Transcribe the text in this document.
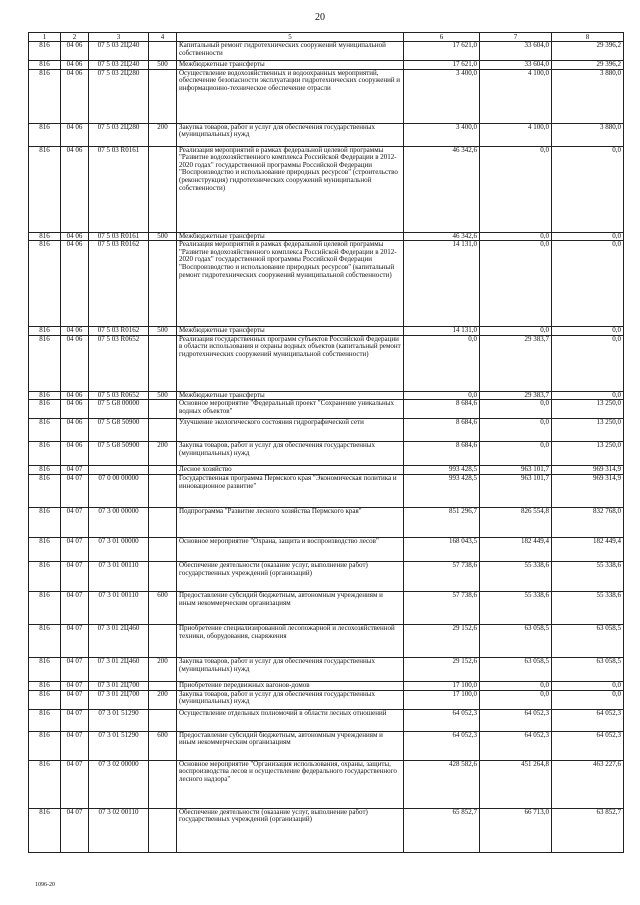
20
1	2	3	4	5	6	7	8
816	04 06	07 5 03 2Ц240		Капитальный ремонт гидротехнических сооружений муниципальной собственности	17 621,0	33 604,0	29 396,2
816	04 06	07 5 03 2Ц240	500	Межбюджетные трансферты	17 621,0	33 604,0	29 396,2
816	04 06	07 5 03 2Ц280		Осуществление водохозяйственных и водоохранных мероприятий, обеспечение безопасности эксплуатации гидротехнических сооружений и информационно-техническое обеспечение отрасли	3 400,0	4 100,0	3 880,0
816	04 06	07 5 03 2Ц280	200	Закупка товаров, работ и услуг для обеспечения государственных (муниципальных) нужд	3 400,0	4 100,0	3 880,0
816	04 06	07 5 03 R0161		Реализация мероприятий в рамках федеральной целевой программы "Развитие водохозяйственного комплекса Российской Федерации в 2012-2020 годах" государственной программы Российской Федерации "Воспроизводство и использование природных ресурсов" (строительство (реконструкция) гидротехнических сооружений муниципальной собственности)	46 342,6	0,0	0,0
816	04 06	07 5 03 R0161	500	Межбюджетные трансферты	46 342,6	0,0	0,0
816	04 06	07 5 03 R0162		Реализация мероприятий в рамках федеральной целевой программы "Развитие водохозяйственного комплекса Российской Федерации в 2012-2020 годах" государственной программы Российской Федерации "Воспроизводство и использование природных ресурсов" (капитальный ремонт гидротехнических сооружений муниципальной собственности)	14 131,0	0,0	0,0
816	04 06	07 5 03 R0162	500	Межбюджетные трансферты	14 131,0	0,0	0,0
816	04 06	07 5 03 R0652		Реализация государственных программ субъектов Российской Федерации в области использования и охраны водных объектов (капитальный ремонт гидротехнических сооружений муниципальной собственности)	0,0	29 383,7	0,0
816	04 06	07 5 03 R0652	500	Межбюджетные трансферты	0,0	29 383,7	0,0
816	04 06	07 5 G8 00000		Основное мероприятие "Федеральный проект "Сохранение уникальных водных объектов"	8 684,6	0,0	13 250,0
816	04 06	07 5 G8 50900		Улучшение экологического состояния гидрографической сети	8 684,6	0,0	13 250,0
816	04 06	07 5 G8 50900	200	Закупка товаров, работ и услуг для обеспечения государственных (муниципальных) нужд	8 684,6	0,0	13 250,0
816	04 07			Лесное хозяйство	993 428,5	963 101,7	969 314,9
816	04 07	07 0 00 00000		Государственная программа Пермского края "Экономическая политика и инновационное развитие"	993 428,5	963 101,7	969 314,9
816	04 07	07 3 00 00000		Подпрограмма "Развитие лесного хозяйства Пермского края"	851 296,7	826 554,8	832 768,0
816	04 07	07 3 01 00000		Основное мероприятие "Охрана, защита и воспроизводство лесов"	168 043,5	182 449,4	182 449,4
816	04 07	07 3 01 00110		Обеспечение деятельности (оказание услуг, выполнение работ) государственных учреждений (организаций)	57 738,6	55 338,6	55 338,6
816	04 07	07 3 01 00110	600	Предоставление субсидий бюджетным, автономным учреждениям и иным некоммерческим организациям	57 738,6	55 338,6	55 338,6
816	04 07	07 3 01 2Ц460		Приобретение специализированной лесопожарной и лесохозяйственной техники, оборудования, снаряжения	29 152,6	63 058,5	63 058,5
816	04 07	07 3 01 2Ц460	200	Закупка товаров, работ и услуг для обеспечения государственных (муниципальных) нужд	29 152,6	63 058,5	63 058,5
816	04 07	07 3 01 2Ц700		Приобретение передвижных вагонов-домов	17 100,0	0,0	0,0
816	04 07	07 3 01 2Ц700	200	Закупка товаров, работ и услуг для обеспечения государственных (муниципальных) нужд	17 100,0	0,0	0,0
816	04 07	07 3 01 51290		Осуществление отдельных полномочий в области лесных отношений	64 052,3	64 052,3	64 052,3
816	04 07	07 3 01 51290	600	Предоставление субсидий бюджетным, автономным учреждениям и иным некоммерческим организациям	64 052,3	64 052,3	64 052,3
816	04 07	07 3 02 00000		Основное мероприятие "Организация использования, охраны, защиты, воспроизводства лесов и осуществление федерального государственного лесного надзора"	428 582,6	451 264,8	463 227,6
816	04 07	07 3 02 00110		Обеспечение деятельности (оказание услуг, выполнение работ) государственных учреждений (организаций)	65 852,7	66 713,0	63 852,7
1096-20
